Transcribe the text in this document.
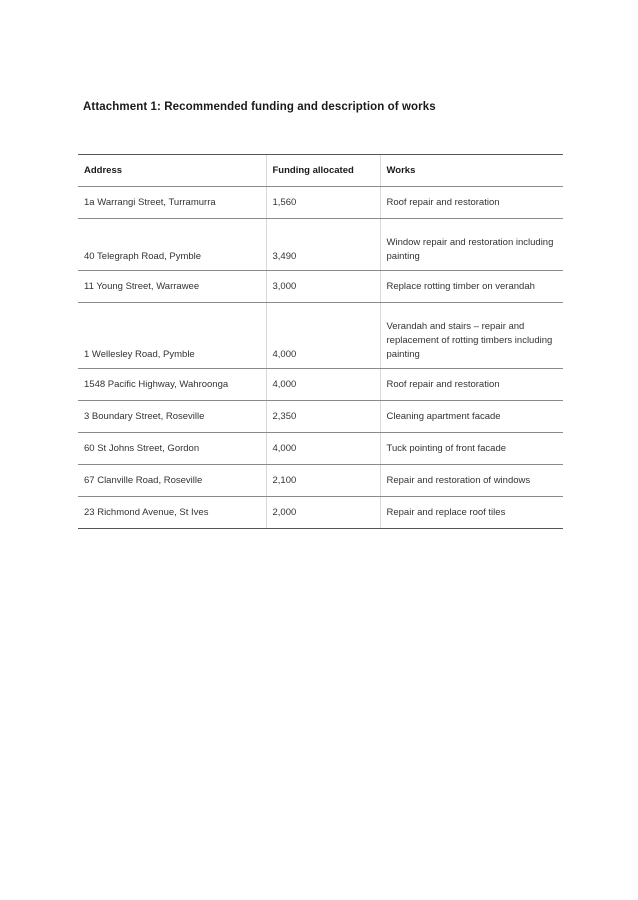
Attachment 1: Recommended funding and description of works
Address	Funding allocated	Works
1a Warrangi Street, Turramurra	1,560	Roof repair and restoration
40 Telegraph Road, Pymble	3,490	Window repair and restoration including painting
11 Young Street, Warrawee	3,000	Replace rotting timber on verandah
1 Wellesley Road, Pymble	4,000	Verandah and stairs – repair and replacement of rotting timbers including painting
1548 Pacific Highway, Wahroonga	4,000	Roof repair and restoration
3 Boundary Street, Roseville	2,350	Cleaning apartment facade
60 St Johns Street, Gordon	4,000	Tuck pointing of front facade
67 Clanville Road, Roseville	2,100	Repair and restoration of windows
23 Richmond Avenue, St Ives	2,000	Repair and replace roof tiles
